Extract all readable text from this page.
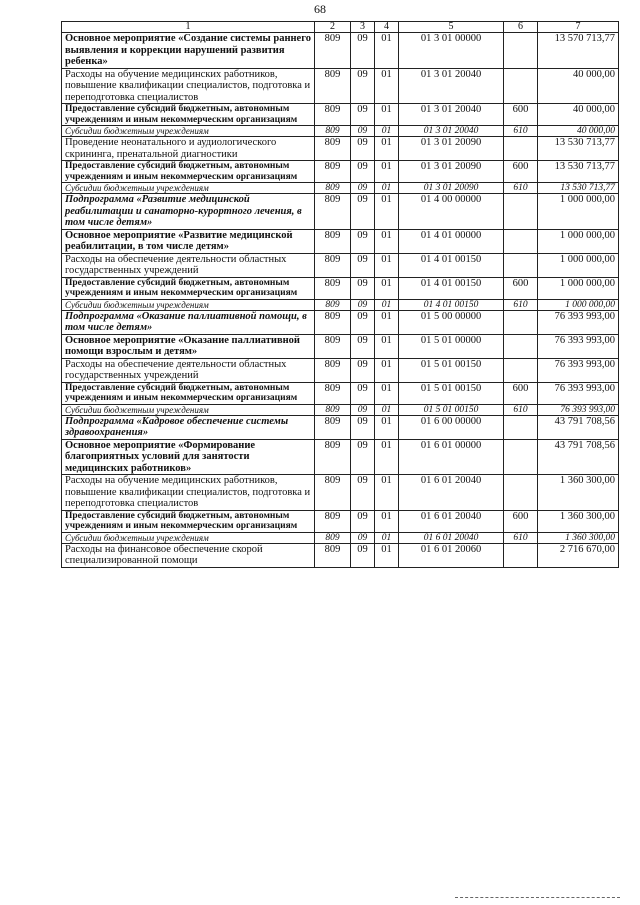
68
1	2	3	4	5	6	7
Основное мероприятие «Создание системы раннего выявления и коррекции нарушений развития ребенка»	809	09	01	01 3 01 00000		13 570 713,77
Расходы на обучение медицинских работников, повышение квалификации специалистов, подготовка и переподготовка специалистов	809	09	01	01 3 01 20040		40 000,00
Предоставление субсидий бюджетным, автономным учреждениям и иным некоммерческим организациям	809	09	01	01 3 01 20040	600	40 000,00
Субсидии бюджетным учреждениям	809	09	01	01 3 01 20040	610	40 000,00
Проведение неонатального и аудиологического скрининга, пренатальной диагностики	809	09	01	01 3 01 20090		13 530 713,77
Предоставление субсидий бюджетным, автономным учреждениям и иным некоммерческим организациям	809	09	01	01 3 01 20090	600	13 530 713,77
Субсидии бюджетным учреждениям	809	09	01	01 3 01 20090	610	13 530 713,77
Подпрограмма «Развитие медицинской реабилитации и санаторно-курортного лечения, в том числе детям»	809	09	01	01 4 00 00000		1 000 000,00
Основное мероприятие «Развитие медицинской реабилитации, в том числе детям»	809	09	01	01 4 01 00000		1 000 000,00
Расходы на обеспечение деятельности областных государственных учреждений	809	09	01	01 4 01 00150		1 000 000,00
Предоставление субсидий бюджетным, автономным учреждениям и иным некоммерческим организациям	809	09	01	01 4 01 00150	600	1 000 000,00
Субсидии бюджетным учреждениям	809	09	01	01 4 01 00150	610	1 000 000,00
Подпрограмма «Оказание паллиативной помощи, в том числе детям»	809	09	01	01 5 00 00000		76 393 993,00
Основное мероприятие «Оказание паллиативной помощи взрослым и детям»	809	09	01	01 5 01 00000		76 393 993,00
Расходы на обеспечение деятельности областных государственных учреждений	809	09	01	01 5 01 00150		76 393 993,00
Предоставление субсидий бюджетным, автономным учреждениям и иным некоммерческим организациям	809	09	01	01 5 01 00150	600	76 393 993,00
Субсидии бюджетным учреждениям	809	09	01	01 5 01 00150	610	76 393 993,00
Подпрограмма «Кадровое обеспечение системы здравоохранения»	809	09	01	01 6 00 00000		43 791 708,56
Основное мероприятие «Формирование благоприятных условий для занятости медицинских работников»	809	09	01	01 6 01 00000		43 791 708,56
Расходы на обучение медицинских работников, повышение квалификации специалистов, подготовка и переподготовка специалистов	809	09	01	01 6 01 20040		1 360 300,00
Предоставление субсидий бюджетным, автономным учреждениям и иным некоммерческим организациям	809	09	01	01 6 01 20040	600	1 360 300,00
Субсидии бюджетным учреждениям	809	09	01	01 6 01 20040	610	1 360 300,00
Расходы на финансовое обеспечение скорой специализированной помощи	809	09	01	01 6 01 20060		2 716 670,00
